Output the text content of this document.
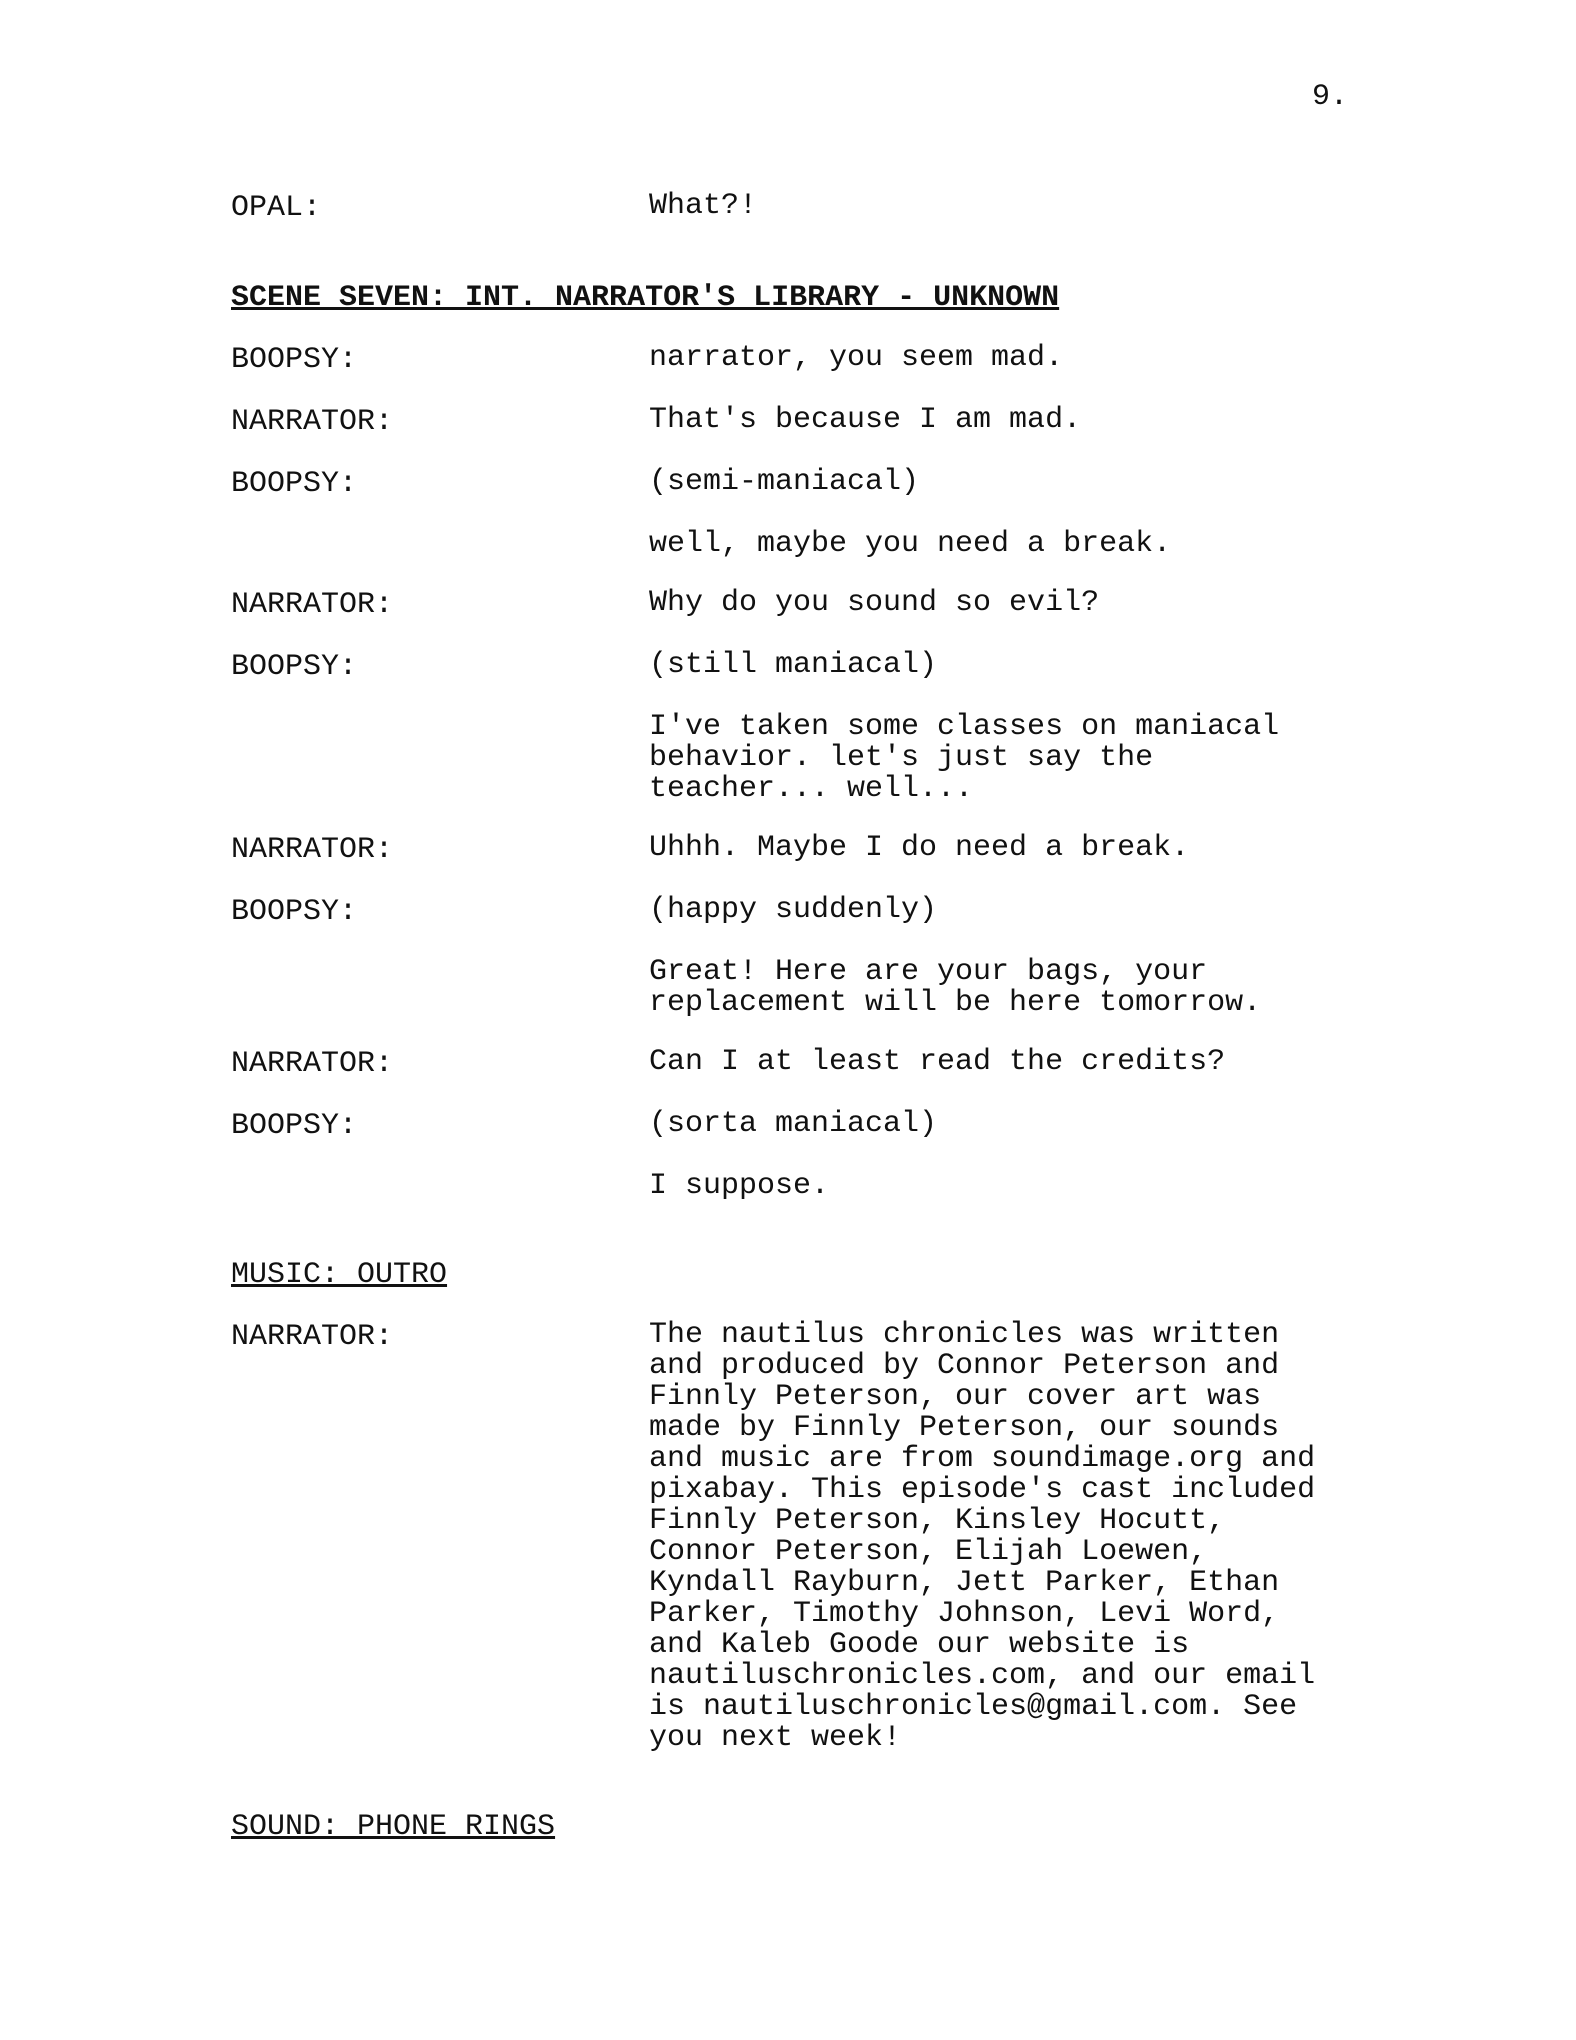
9.
OPAL:	What?!
SCENE SEVEN: INT. NARRATOR'S LIBRARY - UNKNOWN
BOOPSY:	narrator, you seem mad.
NARRATOR:	That's because I am mad.
BOOPSY:	(semi-maniacal)
well, maybe you need a break.
NARRATOR:	Why do you sound so evil?
BOOPSY:	(still maniacal)
I've taken some classes on maniacal
behavior. let's just say the
teacher... well...
NARRATOR:	Uhhh. Maybe I do need a break.
BOOPSY:	(happy suddenly)
Great! Here are your bags, your
replacement will be here tomorrow.
NARRATOR:	Can I at least read the credits?
BOOPSY:	(sorta maniacal)
I suppose.
MUSIC: OUTRO
NARRATOR:	The nautilus chronicles was written
and produced by Connor Peterson and
Finnly Peterson, our cover art was
made by Finnly Peterson, our sounds
and music are from soundimage.org and
pixabay. This episode's cast included
Finnly Peterson, Kinsley Hocutt,
Connor Peterson, Elijah Loewen,
Kyndall Rayburn, Jett Parker, Ethan
Parker, Timothy Johnson, Levi Word,
and Kaleb Goode our website is
nautiluschronicles.com, and our email
is nautiluschronicles@gmail.com. See
you next week!
SOUND: PHONE RINGS
